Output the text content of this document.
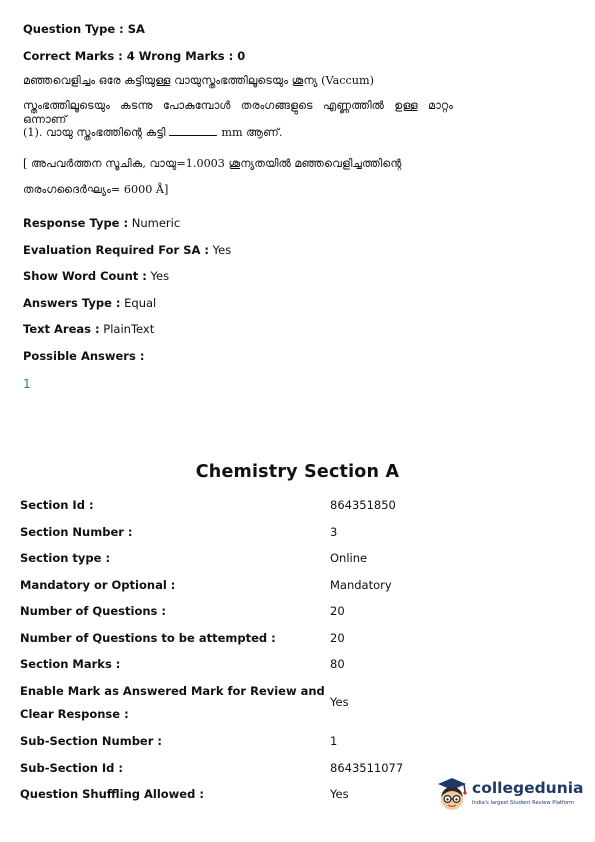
Question Type : SA
Correct Marks : 4 Wrong Marks : 0
മഞ്ഞവെളിച്ചം ഒരേ കട്ടിയുള്ള വായുസ്തംഭത്തിലൂടെയും ശൂന്യ (Vaccum)
സ്തംഭത്തിലൂടെയും കടന്നു പോകുമ്പോൾ തരംഗങ്ങളുടെ എണ്ണത്തിൽ ഉള്ള മാറ്റം ഒന്നാണ്
(1). വായു സ്തംഭത്തിന്റെ കട്ടി	mm ആണ്.
[ അപവർത്തന സൂചിക, വായു=1.0003 ശൂന്യതയിൽ മഞ്ഞവെളിച്ചത്തിന്റെ
തരംഗദൈർഘ്യം= 6000 Å]
Response Type : Numeric
Evaluation Required For SA : Yes
Show Word Count : Yes
Answers Type : Equal
Text Areas : PlainText
Possible Answers :
1
Chemistry Section A
Section Id :	864351850
Section Number :	3
Section type :	Online
Mandatory or Optional :	Mandatory
Number of Questions :	20
Number of Questions to be attempted :	20
Section Marks :	80
Enable Mark as Answered Mark for Review and
Clear Response :
Yes
Sub-Section Number :	1
Sub-Section Id :	8643511077
Question Shuffling Allowed :	Yes	collegedunia
India's largest Student Review Platform
